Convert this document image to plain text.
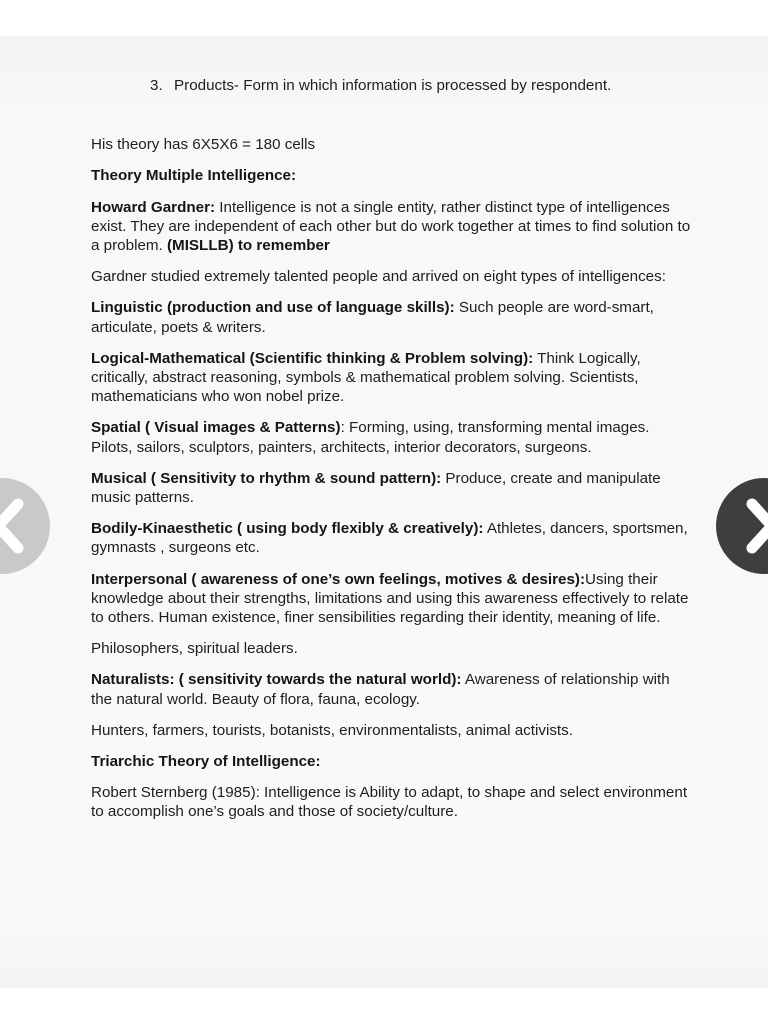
3. Products- Form in which information is processed by respondent.

His theory has 6X5X6 = 180 cells

Theory Multiple Intelligence:

Howard Gardner: Intelligence is not a single entity, rather distinct type of intelligences exist. They are independent of each other but do work together at times to find solution to a problem. (MISLLB) to remember

Gardner studied extremely talented people and arrived on eight types of intelligences:

Linguistic (production and use of language skills): Such people are word-smart, articulate, poets & writers.

Logical-Mathematical (Scientific thinking & Problem solving): Think Logically, critically, abstract reasoning, symbols & mathematical problem solving. Scientists, mathematicians who won nobel prize.

Spatial ( Visual images & Patterns): Forming, using, transforming mental images. Pilots, sailors, sculptors, painters, architects, interior decorators, surgeons.

Musical ( Sensitivity to rhythm & sound pattern): Produce, create and manipulate music patterns.

Bodily-Kinaesthetic ( using body flexibly & creatively): Athletes, dancers, sportsmen, gymnasts , surgeons etc.

Interpersonal ( awareness of one’s own feelings, motives & desires):Using their knowledge about their strengths, limitations and using this awareness effectively to relate to others. Human existence, finer sensibilities regarding their identity, meaning of life.

Philosophers, spiritual leaders.

Naturalists: ( sensitivity towards the natural world): Awareness of relationship with the natural world. Beauty of flora, fauna, ecology.

Hunters, farmers, tourists, botanists, environmentalists, animal activists.

Triarchic Theory of Intelligence:

Robert Sternberg (1985): Intelligence is Ability to adapt, to shape and select environment to accomplish one’s goals and those of society/culture.
